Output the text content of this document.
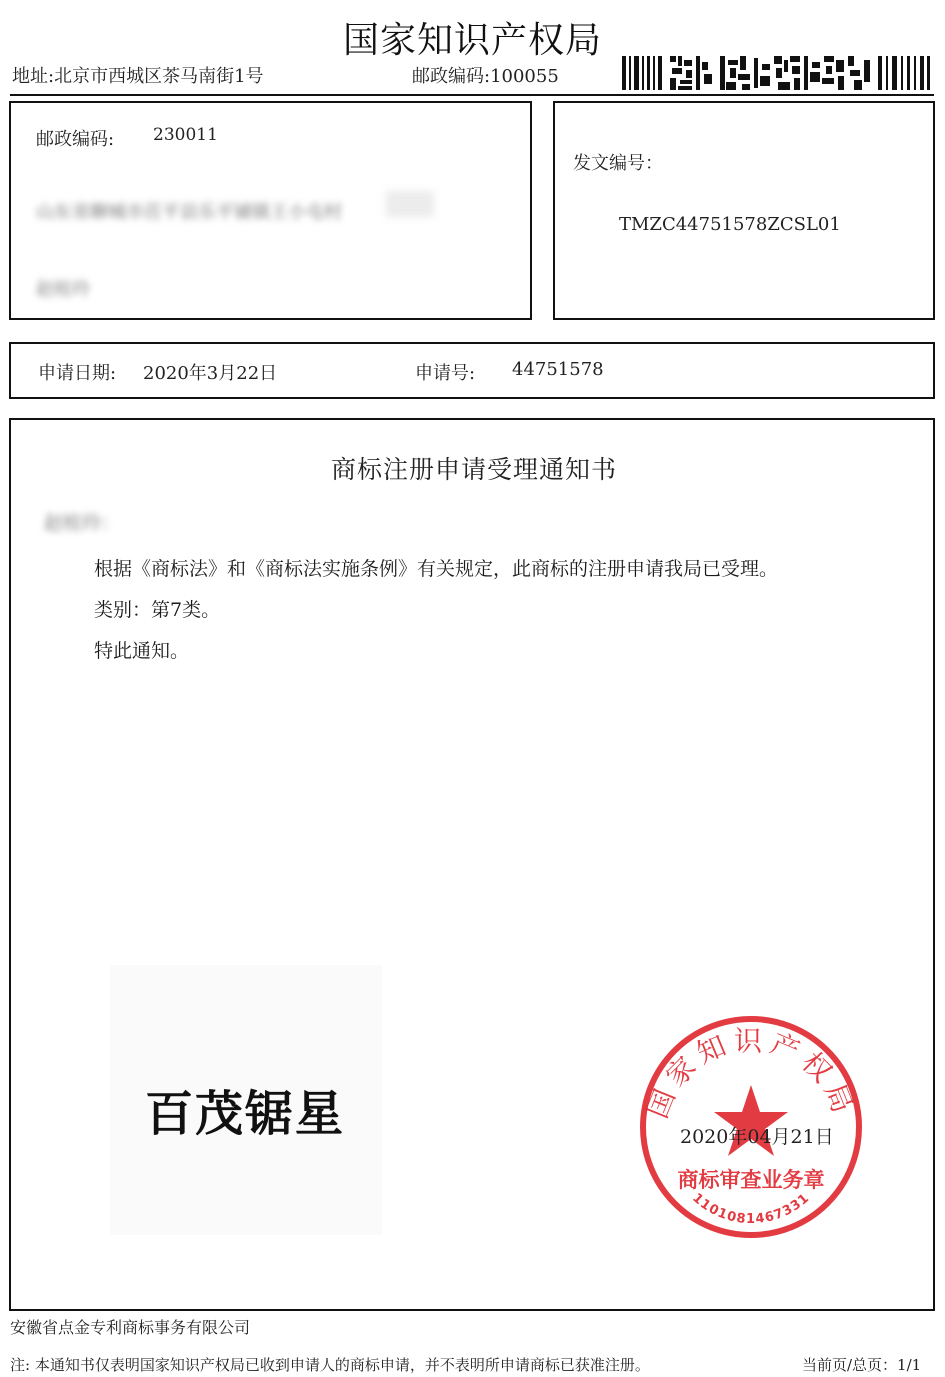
国家知识产权局
地址:北京市西城区茶马南街1号	邮政编码:100055
邮政编码: 230011
山东省聊城市茌平县乐平铺镇王小屯村
赵桂玲
发文编号：
TMZC44751578ZCSL01
申请日期: 2020年3月22日	申请号: 44751578
商标注册申请受理通知书
赵桂玲：
根据《商标法》和《商标法实施条例》有关规定，此商标的注册申请我局已受理。
类别：第7类。
特此通知。
百茂锯星	国家知识产权局
商标审查业务章
1101081467331
2020年04月21日
安徽省点金专利商标事务有限公司
注: 本通知书仅表明国家知识产权局已收到申请人的商标申请，并不表明所申请商标已获准注册。	当前页/总页：1/1
